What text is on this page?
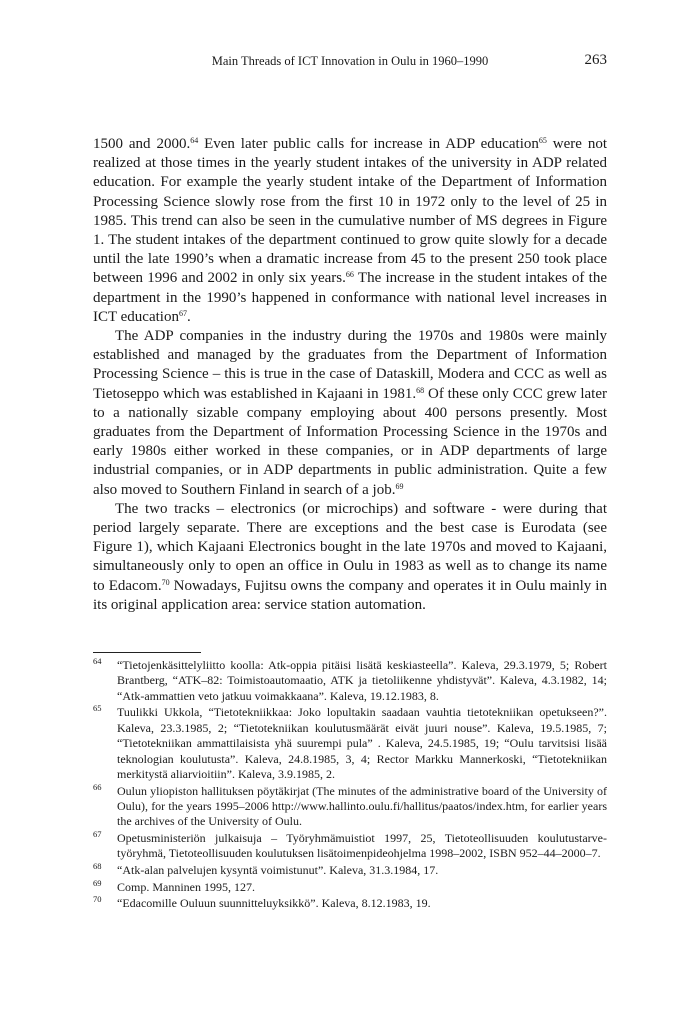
Main Threads of ICT Innovation in Oulu in 1960–1990	263

1500 and 2000.64 Even later public calls for increase in ADP education$^{65}$ were not realized at those times in the yearly student intakes of the university in ADP related education. For example the yearly student intake of the Department of Information Processing Science slowly rose from the first 10 in 1972 only to the level of 25 in 1985. This trend can also be seen in the cumulative number of MS degrees in Figure 1. The student intakes of the department continued to grow quite slowly for a decade until the late 1990’s when a dramatic increase from 45 to the present 250 took place between 1996 and 2002 in only six years.$^{66}$ The increase in the student intakes of the department in the 1990’s happened in conformance with national level increases in ICT education$^{67}$.

The ADP companies in the industry during the 1970s and 1980s were mainly established and managed by the graduates from the Department of Information Processing Science – this is true in the case of Dataskill, Modera and CCC as well as Tietoseppo which was established in Kajaani in 1981.68 Of these only CCC grew later to a nationally sizable company employing about 400 persons presently. Most graduates from the Department of Information Processing Science in the 1970s and early 1980s either worked in these companies, or in ADP departments of large industrial companies, or in ADP departments in public administration. Quite a few also moved to Southern Finland in search of a job.$^{69}$

The two tracks – electronics (or microchips) and software - were during that period largely separate. There are exceptions and the best case is Eurodata (see Figure 1), which Kajaani Electronics bought in the late 1970s and moved to Kajaani, simultaneously only to open an office in Oulu in 1983 as well as to change its name to Edacom.$^{70}$ Nowadays, Fujitsu owns the company and operates it in Oulu mainly in its original application area: service station automation.

64 “Tietojenkäsittelyliitto koolla: Atk-oppia pitäisi lisätä keskiasteella”. Kaleva, 29.3.1979, 5; Robert Brantberg, “ATK–82: Toimistoautomaatio, ATK ja tietoliikenne yhdistyvät”. Kaleva, 4.3.1982, 14; “Atk-ammattien veto jatkuu voimakkaana”. Kaleva, 19.12.1983, 8.
65 Tuulikki Ukkola, “Tietotekniikkaa: Joko lopultakin saadaan vauhtia tietotekniikan opetukseen?”. Kaleva, 23.3.1985, 2; “Tietotekniikan koulutusmäärät eivät juuri nouse”. Kaleva, 19.5.1985, 7; “Tietotekniikan ammattilaisista yhä suurempi pula” . Kaleva, 24.5.1985, 19; “Oulu tarvitsisi lisää teknologian koulutusta”. Kaleva, 24.8.1985, 3, 4; Rector Markku Mannerkoski, “Tietotekniikan merkitystä aliarvioitiin”. Kaleva, 3.9.1985, 2.
66 Oulun yliopiston hallituksen pöytäkirjat (The minutes of the administrative board of the University of Oulu), for the years 1995–2006 http://www.hallinto.oulu.fi/hallitus/paatos/index.htm, for earlier years the archives of the University of Oulu.
67 Opetusministeriön julkaisuja – Työryhmämuistiot 1997, 25, Tietoteollisuuden koulutustarve-työryhmä, Tietoteollisuuden koulutuksen lisätoimenpideohjelma 1998–2002, ISBN 952–44–2000–7.
68 “Atk-alan palvelujen kysyntä voimistunut”. Kaleva, 31.3.1984, 17.
69 Comp. Manninen 1995, 127.
70 “Edacomille Ouluun suunnitteluyksikkö”. Kaleva, 8.12.1983, 19.
